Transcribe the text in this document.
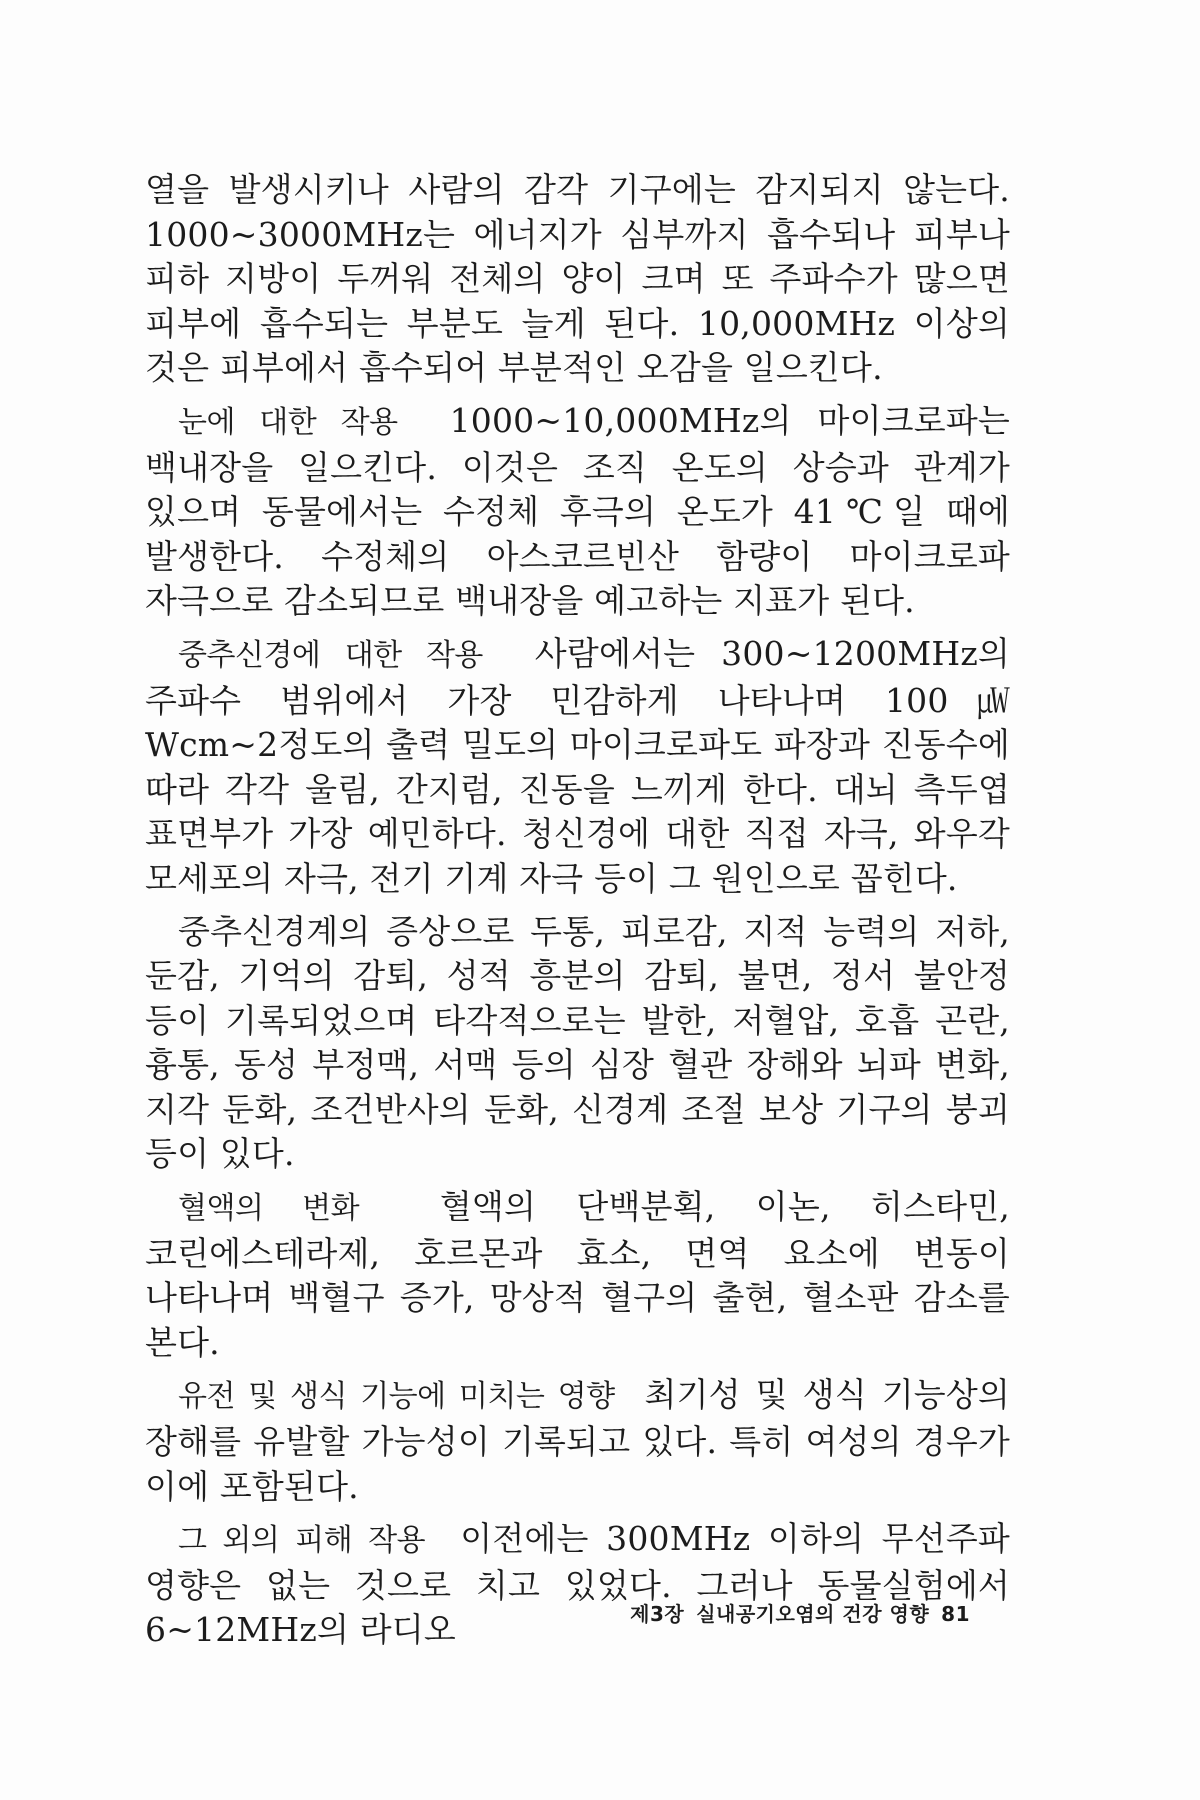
열을 발생시키나 사람의 감각 기구에는 감지되지 않는다. 1000~3000MHz는 에너지가 심부까지 흡수되나 피부나 피하 지방이 두꺼워 전체의 양이 크며 또 주파수가 많으면 피부에 흡수되는 부분도 늘게 된다. 10,000MHz 이상의 것은 피부에서 흡수되어 부분적인 오감을 일으킨다.

눈에 대한 작용 1000~10,000MHz의 마이크로파는 백내장을 일으킨다. 이것은 조직 온도의 상승과 관계가 있으며 동물에서는 수정체 후극의 온도가 41℃일 때에 발생한다. 수정체의 아스코르빈산 함량이 마이크로파 자극으로 감소되므로 백내장을 예고하는 지표가 된다.

중추신경에 대한 작용 사람에서는 300~1200MHz의 주파수 범위에서 가장 민감하게 나타나며 100㎼Wcm~2정도의 출력 밀도의 마이크로파도 파장과 진동수에 따라 각각 울림, 간지럼, 진동을 느끼게 한다. 대뇌 측두엽 표면부가 가장 예민하다. 청신경에 대한 직접 자극, 와우각 모세포의 자극, 전기 기계 자극 등이 그 원인으로 꼽힌다.

중추신경계의 증상으로 두통, 피로감, 지적 능력의 저하, 둔감, 기억의 감퇴, 성적 흥분의 감퇴, 불면, 정서 불안정 등이 기록되었으며 타각적으로는 발한, 저혈압, 호흡 곤란, 흉통, 동성 부정맥, 서맥 등의 심장 혈관 장해와 뇌파 변화, 지각 둔화, 조건반사의 둔화, 신경계 조절 보상 기구의 붕괴 등이 있다.

혈액의 변화 혈액의 단백분획, 이논, 히스타민, 코린에스테라제, 호르몬과 효소, 면역 요소에 변동이 나타나며 백혈구 증가, 망상적 혈구의 출현, 혈소판 감소를 본다.

유전 및 생식 기능에 미치는 영향 최기성 및 생식 기능상의 장해를 유발할 가능성이 기록되고 있다. 특히 여성의 경우가 이에 포함된다.

그 외의 피해 작용 이전에는 300MHz 이하의 무선주파 영향은 없는 것으로 치고 있었다. 그러나 동물실험에서 6~12MHz의 라디오	제3장 실내공기오염의 건강 영향 81
